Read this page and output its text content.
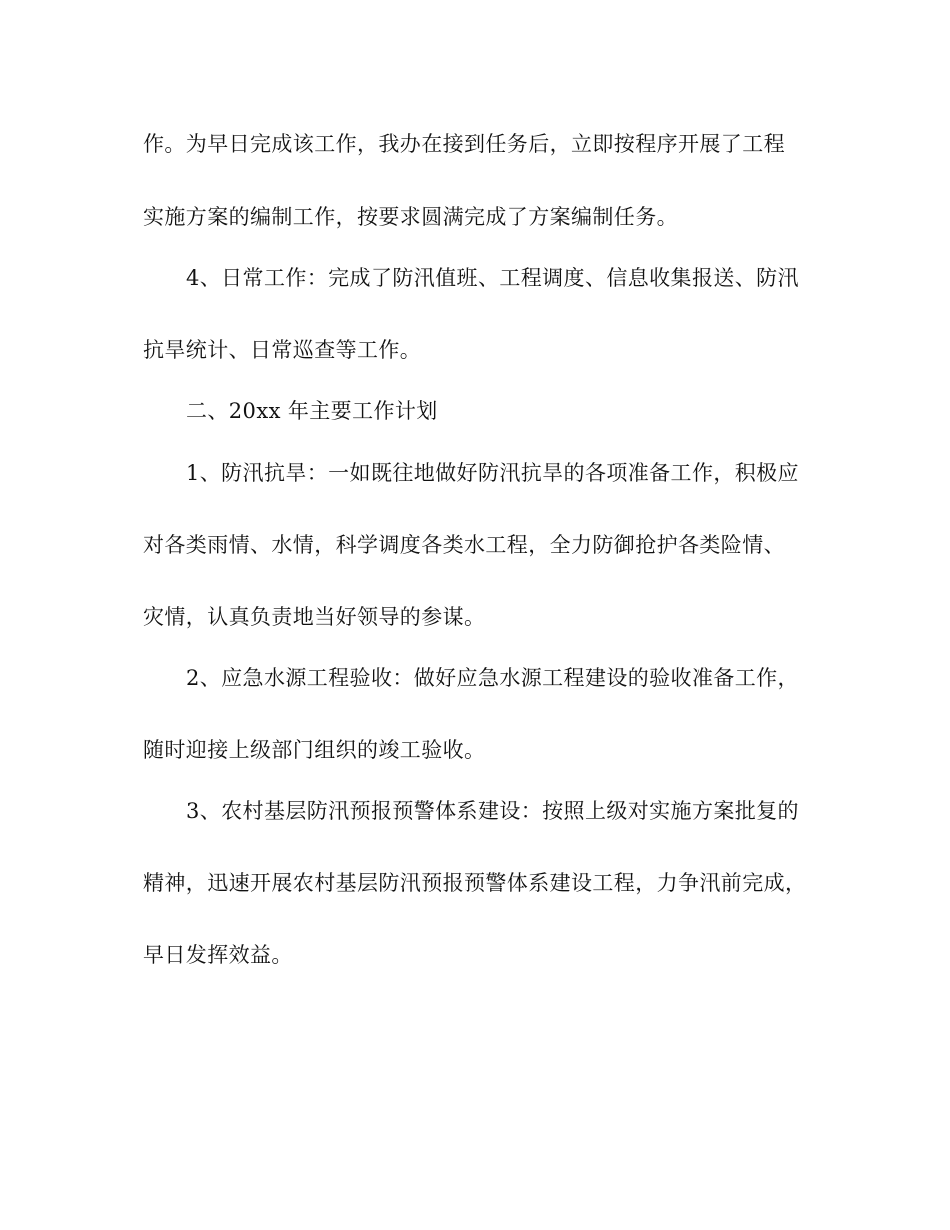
作。为早日完成该工作，我办在接到任务后，立即按程序开展了工程
实施方案的编制工作，按要求圆满完成了方案编制任务。
4、日常工作：完成了防汛值班、工程调度、信息收集报送、防汛
抗旱统计、日常巡查等工作。
二、20xx 年主要工作计划
1、防汛抗旱：一如既往地做好防汛抗旱的各项准备工作，积极应
对各类雨情、水情，科学调度各类水工程，全力防御抢护各类险情、
灾情，认真负责地当好领导的参谋。
2、应急水源工程验收：做好应急水源工程建设的验收准备工作，
随时迎接上级部门组织的竣工验收。
3、农村基层防汛预报预警体系建设：按照上级对实施方案批复的
精神，迅速开展农村基层防汛预报预警体系建设工程，力争汛前完成，
早日发挥效益。
